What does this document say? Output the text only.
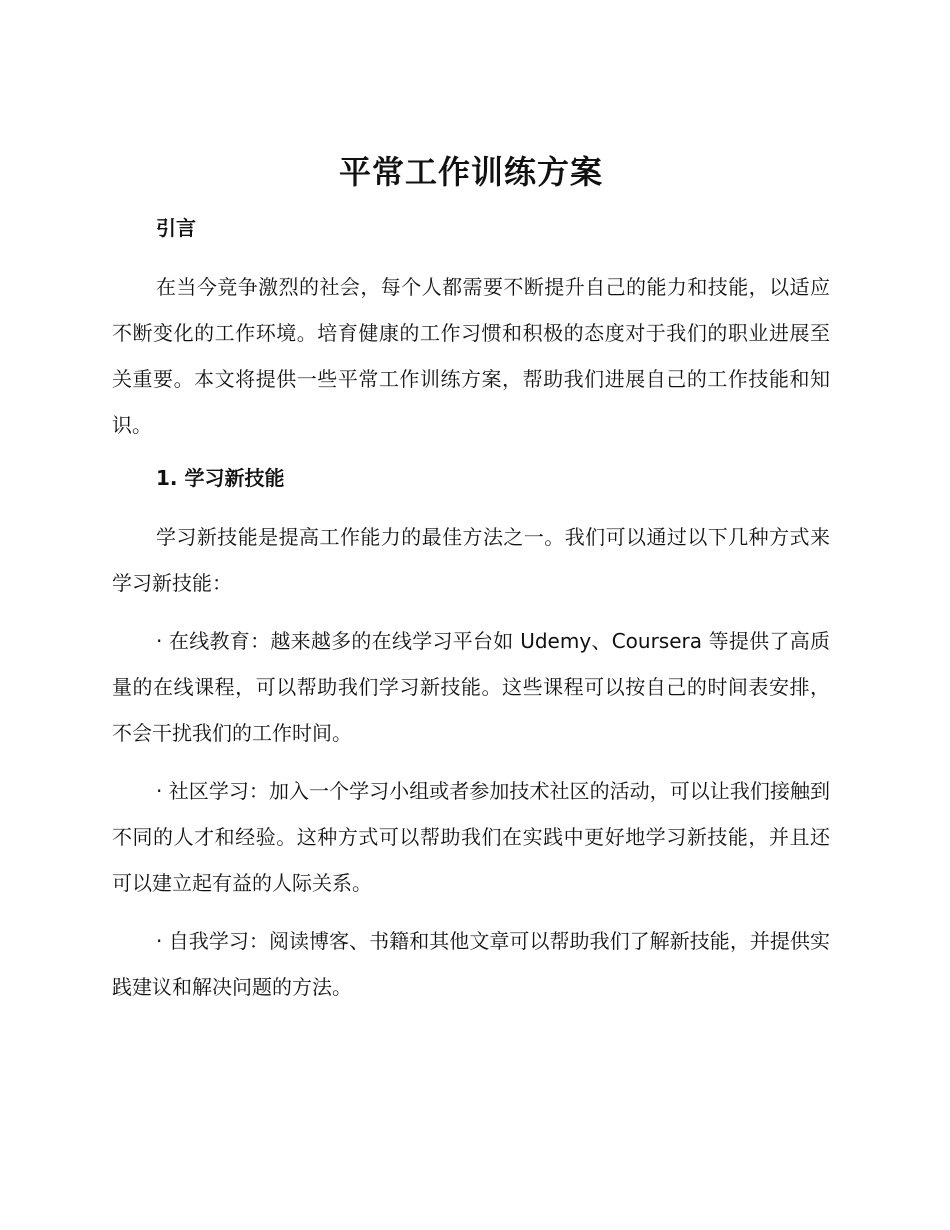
平常工作训练方案
引言

在当今竞争激烈的社会，每个人都需要不断提升自己的能力和技能，以适应不断变化的工作环境。培育健康的工作习惯和积极的态度对于我们的职业进展至关重要。本文将提供一些平常工作训练方案，帮助我们进展自己的工作技能和知识。

1. 学习新技能

学习新技能是提高工作能力的最佳方法之一。我们可以通过以下几种方式来学习新技能：

· 在线教育：越来越多的在线学习平台如 Udemy、Coursera 等提供了高质量的在线课程，可以帮助我们学习新技能。这些课程可以按自己的时间表安排，不会干扰我们的工作时间。

· 社区学习：加入一个学习小组或者参加技术社区的活动，可以让我们接触到不同的人才和经验。这种方式可以帮助我们在实践中更好地学习新技能，并且还可以建立起有益的人际关系。

· 自我学习：阅读博客、书籍和其他文章可以帮助我们了解新技能，并提供实践建议和解决问题的方法。
